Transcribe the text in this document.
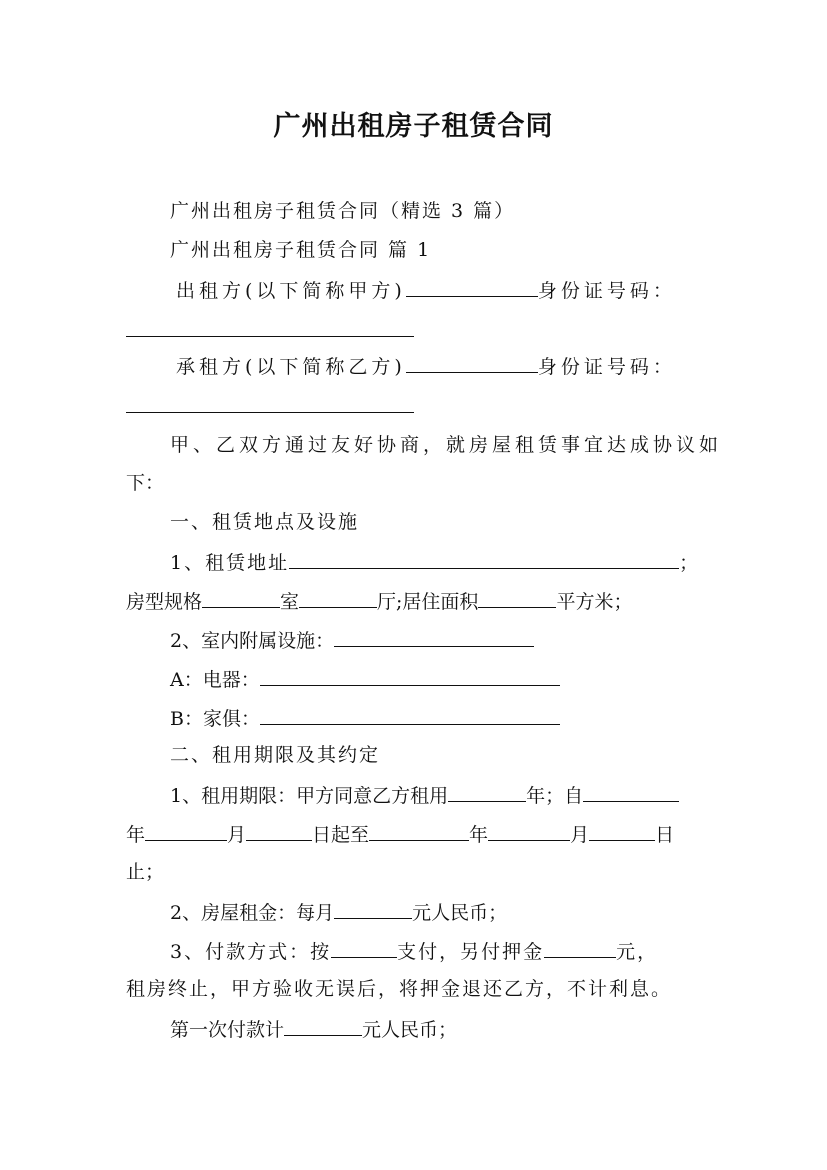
广州出租房子租赁合同
广州出租房子租赁合同（精选 3 篇）
广州出租房子租赁合同 篇 1
出租方(以下简称甲方)	身份证号码：
承租方(以下简称乙方)	身份证号码：
甲、乙双方通过友好协商，就房屋租赁事宜达成协议如
下：
一、租赁地点及设施
1、租赁地址	；
房型规格	室	厅;居住面积	平方米；
2、室内附属设施：
A：电器：
B：家俱：
二、租用期限及其约定
1、租用期限：甲方同意乙方租用	年；自
年	月	日起至	年	月	日
止；
2、房屋租金：每月	元人民币；
3、付款方式：按	支付，另付押金	元，
租房终止，甲方验收无误后，将押金退还乙方，不计利息。
第一次付款计	元人民币；
